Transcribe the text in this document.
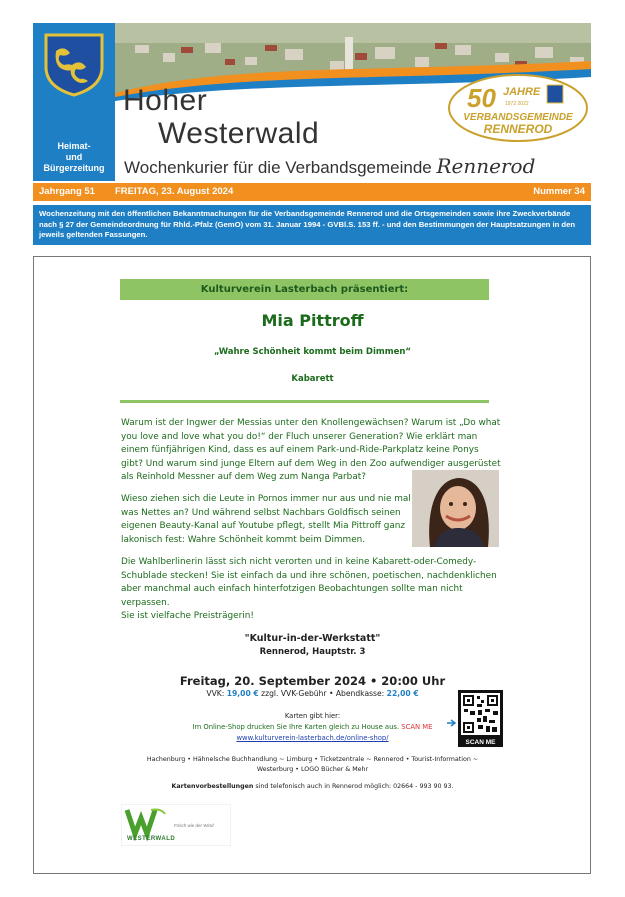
Heimat-
und
Bürgerzeitung
Hoher
Westerwald
Wochenkurier für die Verbandsgemeinde Rennerod
50 JAHRE
1972 2022
VERBANDSGEMEINDE
RENNEROD
Jahrgang 51 FREITAG, 23. August 2024	Nummer 34
Wochenzeitung mit den öffentlichen Bekanntmachungen für die Verbandsgemeinde Rennerod und die Ortsgemeinden sowie ihre Zweckverbände nach § 27 der Gemeindeordnung für Rhld.-Pfalz (GemO) vom 31. Januar 1994 - GVBl.S. 153 ff. - und den Bestimmungen der Hauptsatzungen in den jeweils geltenden Fassungen.
Kulturverein Lasterbach präsentiert:
Mia Pittroff
„Wahre Schönheit kommt beim Dimmen“
Kabarett
Warum ist der Ingwer der Messias unter den Knollengewächsen? Warum ist „Do what you love and love what you do!“ der Fluch unserer Generation? Wie erklärt man einem fünfjährigen Kind, dass es auf einem Park-und-Ride-Parkplatz keine Ponys gibt? Und warum sind junge Eltern auf dem Weg in den Zoo aufwendiger ausgerüstet als Reinhold Messner auf dem Weg zum Nanga Parbat?
Wieso ziehen sich die Leute in Pornos immer nur aus und nie mal was Nettes an? Und während selbst Nachbars Goldfisch seinen eigenen Beauty-Kanal auf Youtube pflegt, stellt Mia Pittroff ganz lakonisch fest: Wahre Schönheit kommt beim Dimmen.
Die Wahlberlinerin lässt sich nicht verorten und in keine Kabarett-oder-Comedy-Schublade stecken! Sie ist einfach da und ihre schönen, poetischen, nachdenklichen aber manchmal auch einfach hinterfotzigen Beobachtungen sollte man nicht verpassen.
Sie ist vielfache Preisträgerin!
"Kultur-in-der-Werkstatt"
Rennerod, Hauptstr. 3
Freitag, 20. September 2024 • 20:00 Uhr
VVK: 19,00 € zzgl. VVK-Gebühr • Abendkasse: 22,00 €
Karten gibt hier:
Im Online-Shop drucken Sie Ihre Karten gleich zu House aus. SCAN ME
www.kulturverein-lasterbach.de/online-shop/
SCAN ME
Hachenburg • Hähnelsche Buchhandlung ~ Limburg • Ticketzentrale ~ Rennerod • Tourist-Information ~
Westerburg • LOGO Bücher & Mehr
Kartenvorbestellungen sind telefonisch auch in Rennerod möglich: 02664 - 993 90 93.
Frisch wie der Wind
WESTERWALD
